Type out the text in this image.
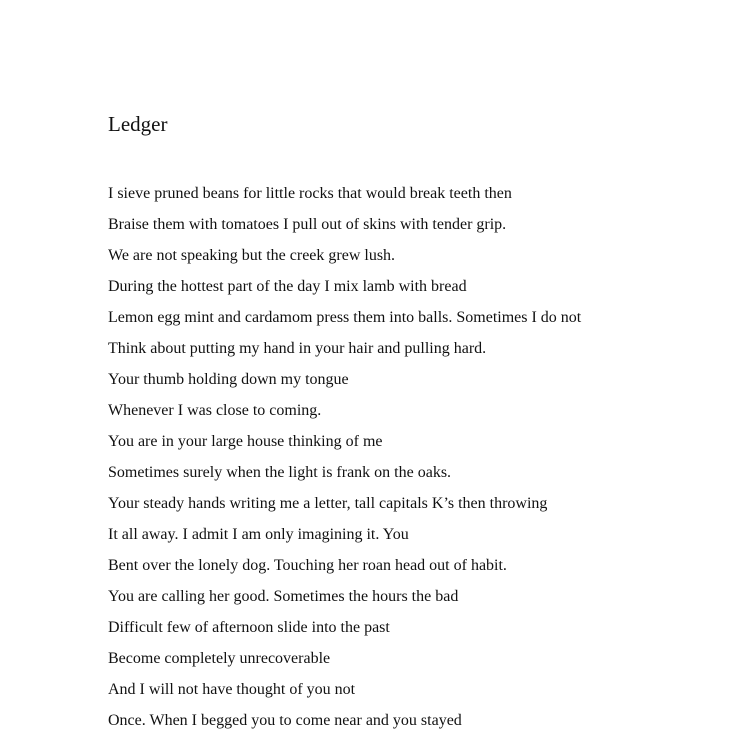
Ledger
I sieve pruned beans for little rocks that would break teeth then
Braise them with tomatoes I pull out of skins with tender grip.
We are not speaking but the creek grew lush.
During the hottest part of the day I mix lamb with bread
Lemon egg mint and cardamom press them into balls. Sometimes I do not
Think about putting my hand in your hair and pulling hard.
Your thumb holding down my tongue
Whenever I was close to coming.
You are in your large house thinking of me
Sometimes surely when the light is frank on the oaks.
Your steady hands writing me a letter, tall capitals K’s then throwing
It all away. I admit I am only imagining it. You
Bent over the lonely dog. Touching her roan head out of habit.
You are calling her good. Sometimes the hours the bad
Difficult few of afternoon slide into the past
Become completely unrecoverable
And I will not have thought of you not
Once. When I begged you to come near and you stayed
